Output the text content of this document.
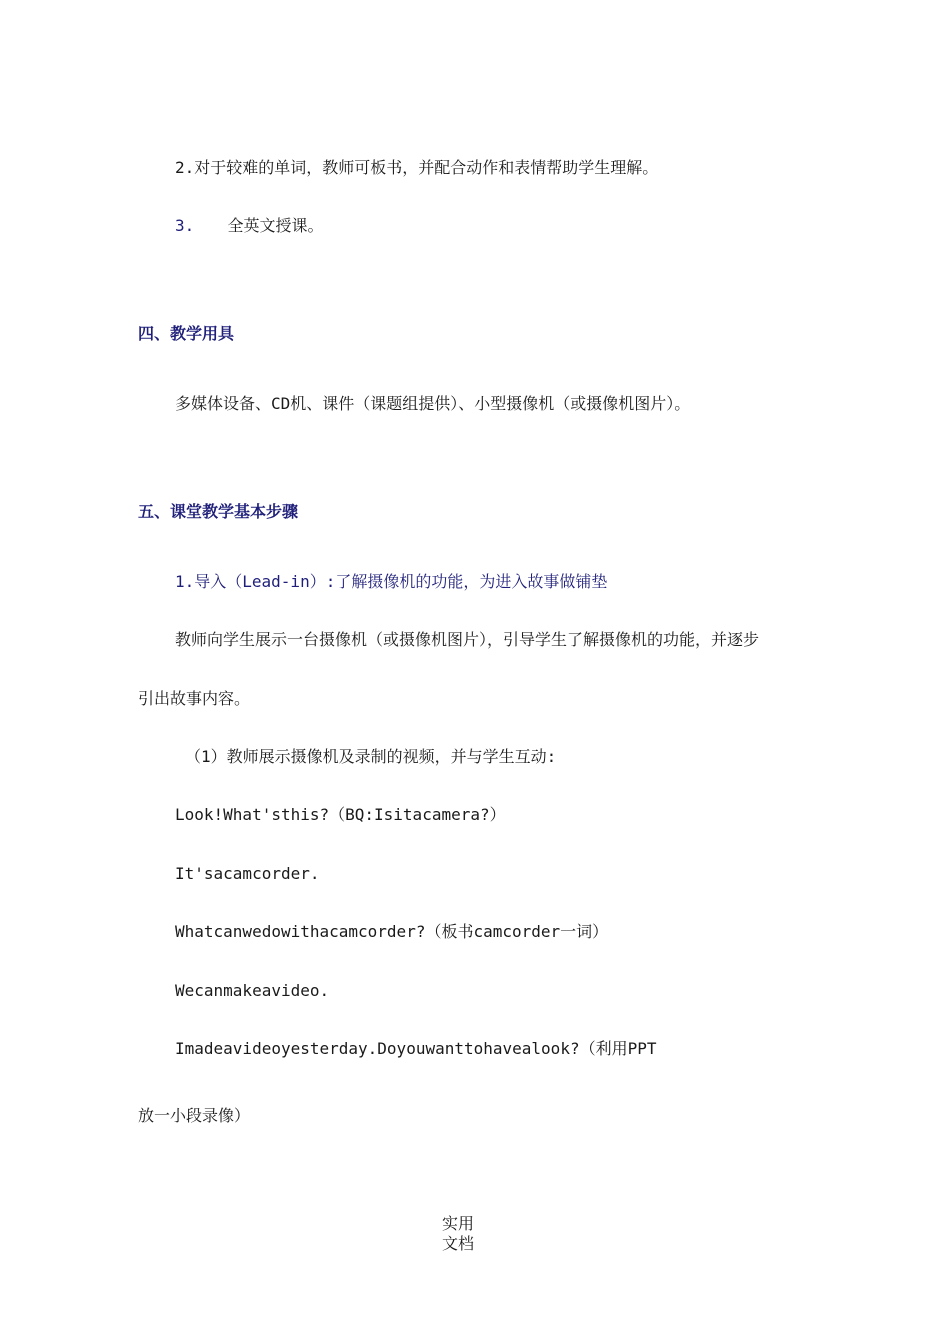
2.对于较难的单词，教师可板书，并配合动作和表情帮助学生理解。
3. 全英文授课。
四、教学用具
多媒体设备、CD机、课件（课题组提供）、小型摄像机（或摄像机图片）。
五、课堂教学基本步骤
1.导入（Lead-in）:了解摄像机的功能，为进入故事做铺垫
教师向学生展示一台摄像机（或摄像机图片），引导学生了解摄像机的功能，并逐步
引出故事内容。
（1）教师展示摄像机及录制的视频，并与学生互动:
Look!What'sthis?（BQ:Isitacamera?）
It'sacamcorder.
Whatcanwedowithacamcorder?（板书camcorder一词）
Wecanmakeavideo.
Imadeavideoyesterday.Doyouwanttohavealook?（利用PPT
放一小段录像）
实用
文档
